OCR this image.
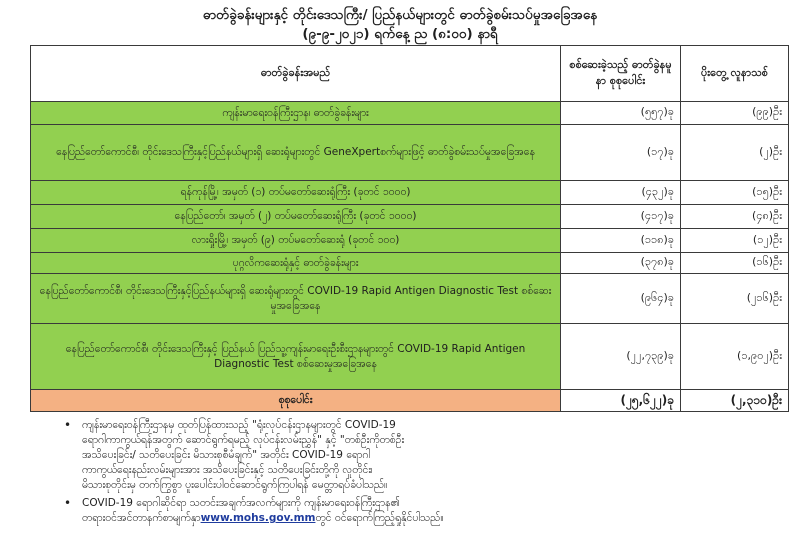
ဓာတ်ခွဲခန်းများနှင့် တိုင်းဒေသကြီး/ ပြည်နယ်များတွင် ဓာတ်ခွဲစမ်းသပ်မှုအခြေအနေ
(၉-၉-၂၀၂၁) ရက်နေ့ ည (၈:၀၀) နာရီ
ဓာတ်ခွဲခန်းအမည်	စစ်ဆေးခဲ့သည့် ဓာတ်ခွဲနမူနာ စုစုပေါင်း	ပိုးတွေ့ လူနာသစ်
ကျန်းမာရေးဝန်ကြီးဌာန၊ ဓာတ်ခွဲခန်းများ	(၅၅၇)ခု	(၉၉)ဦး
နေပြည်တော်ကောင်စီ၊ တိုင်းဒေသကြီးနှင့်ပြည်နယ်များရှိ ဆေးရုံများတွင် GeneXpertစက်များဖြင့် ဓာတ်ခွဲစမ်းသပ်မှုအခြေအနေ	(၁၇)ခု	(၂)ဦး
ရန်ကုန်မြို့၊ အမှတ် (၁) တပ်မတော်ဆေးရုံကြီး (ခုတင် ၁၀၀၀)	(၄၃၂)ခု	(၁၅)ဦး
နေပြည်တော်၊ အမှတ် (၂) တပ်မတော်ဆေးရုံကြီး (ခုတင် ၁၀၀၀)	(၄၁၇)ခု	(၄၈)ဦး
လားရှိုးမြို့၊ အမှတ် (၉) တပ်မတော်ဆေးရုံ (ခုတင် ၁၀၀)	(၁၁၈)ခု	(၁၂)ဦး
ပုဂ္ဂလိကဆေးရုံနှင့် ဓာတ်ခွဲခန်းများ	(၃၇၈)ခု	(၁၆)ဦး
နေပြည်တော်ကောင်စီ၊ တိုင်းဒေသကြီးနှင့်ပြည်နယ်များရှိ ဆေးရုံများတွင် COVID-19 Rapid Antigen Diagnostic Test စစ်ဆေးမှုအခြေအနေ	(၉၆၄)ခု	(၂၁၆)ဦး
နေပြည်တော်ကောင်စီ၊ တိုင်းဒေသကြီးနှင့် ပြည်နယ် ပြည်သူ့ကျန်းမာရေးဦးစီးဌာနများတွင် COVID-19 Rapid Antigen Diagnostic Test စစ်ဆေးမှုအခြေအနေ	(၂၂,၇၃၉)ခု	(၁,၉၀၂)ဦး
စုစုပေါင်း	(၂၅,၆၂၂)ခု	(၂,၃၁၀)ဦး
• ကျန်းမာရေးဝန်ကြီးဌာနမှ ထုတ်ပြန်ထားသည့် "ရုံးလုပ်ငန်းဌာနများတွင် COVID-19
ရောဂါကာကွယ်ရန်အတွက် ဆောင်ရွက်ရမည့် လုပ်ငန်းလမ်းညွှန်" နှင့် "တစ်ဦးကိုတစ်ဦး
အသိပေးခြင်း/ သတိပေးခြင်း မိသားစုစီမံချက်" အတိုင်း COVID-19 ရောဂါ
ကာကွယ်ရေးနည်းလမ်းများအား အသိပေးခြင်းနှင့် သတိပေးခြင်းတို့ကို လူတိုင်း၊
မိသားစုတိုင်းမှ တက်ကြွစွာ ပူးပေါင်းပါဝင်ဆောင်ရွက်ကြပါရန် မေတ္တာရပ်ခံပါသည်။
• COVID-19 ရောဂါဆိုင်ရာ သတင်းအချက်အလက်များကို ကျန်းမာရေးဝန်ကြီးဌာန၏
တရားဝင်အင်တာနက်စာမျက်နှာwww.mohs.gov.mmတွင် ဝင်ရောက်ကြည့်ရှုနိုင်ပါသည်။
